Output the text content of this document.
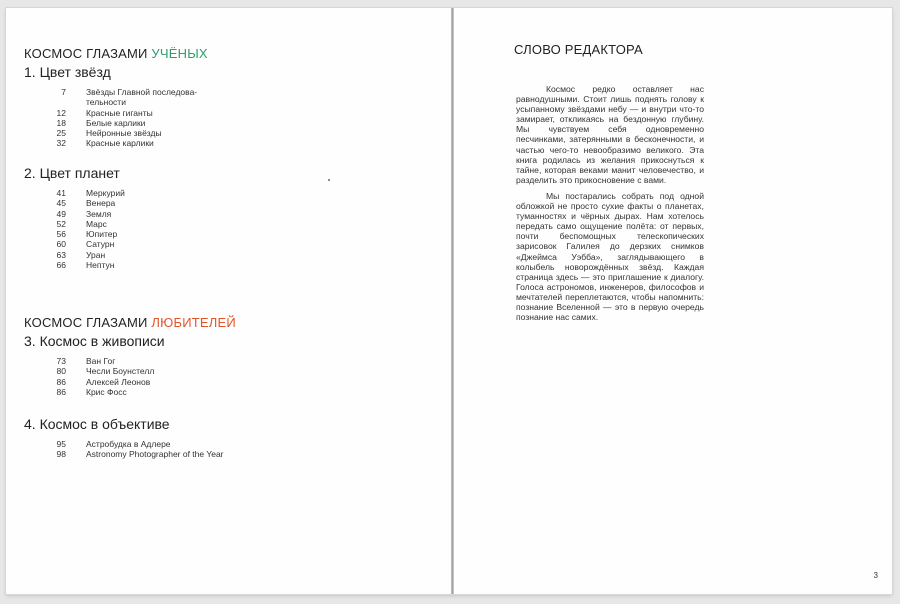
КОСМОС ГЛАЗАМИ УЧЁНЫХ
1. Цвет звёзд
7 Звёзды Главной последова-
тельности
12 Красные гиганты
18 Белые карлики
25 Нейронные звёзды
32 Красные карлики
2. Цвет планет
41 Меркурий
45 Венера
49 Земля
52 Марс
56 Юпитер
60 Сатурн
63 Уран
66 Нептун
КОСМОС ГЛАЗАМИ ЛЮБИТЕЛЕЙ
3. Космос в живописи
73 Ван Гог
80 Чесли Боунстелл
86 Алексей Леонов
86 Крис Фосс
4. Космос в объективе
95 Астробудка в Адлере
98 Astronomy Photographer of the Year
СЛОВО РЕДАКТОРА

Космос редко оставляет нас равнодушными. Стоит лишь поднять голову к усыпанному звёздами небу — и внутри что-то замирает, откликаясь на бездонную глубину. Мы чувствуем себя одновременно песчинками, затерянными в бесконечности, и частью чего-то невообразимо великого. Эта книга родилась из желания прикоснуться к тайне, которая веками манит человечество, и разделить это прикосновение с вами.

Мы постарались собрать под одной обложкой не просто сухие факты о планетах, туманностях и чёрных дырах. Нам хотелось передать само ощущение полёта: от первых, почти беспомощных телескопических зарисовок Галилея до дерзких снимков «Джеймса Уэбба», заглядывающего в колыбель новорождённых звёзд. Каждая страница здесь — это приглашение к диалогу. Голоса астрономов, инженеров, философов и мечтателей переплетаются, чтобы напомнить: познание Вселенной — это в первую очередь познание нас самих.

3
